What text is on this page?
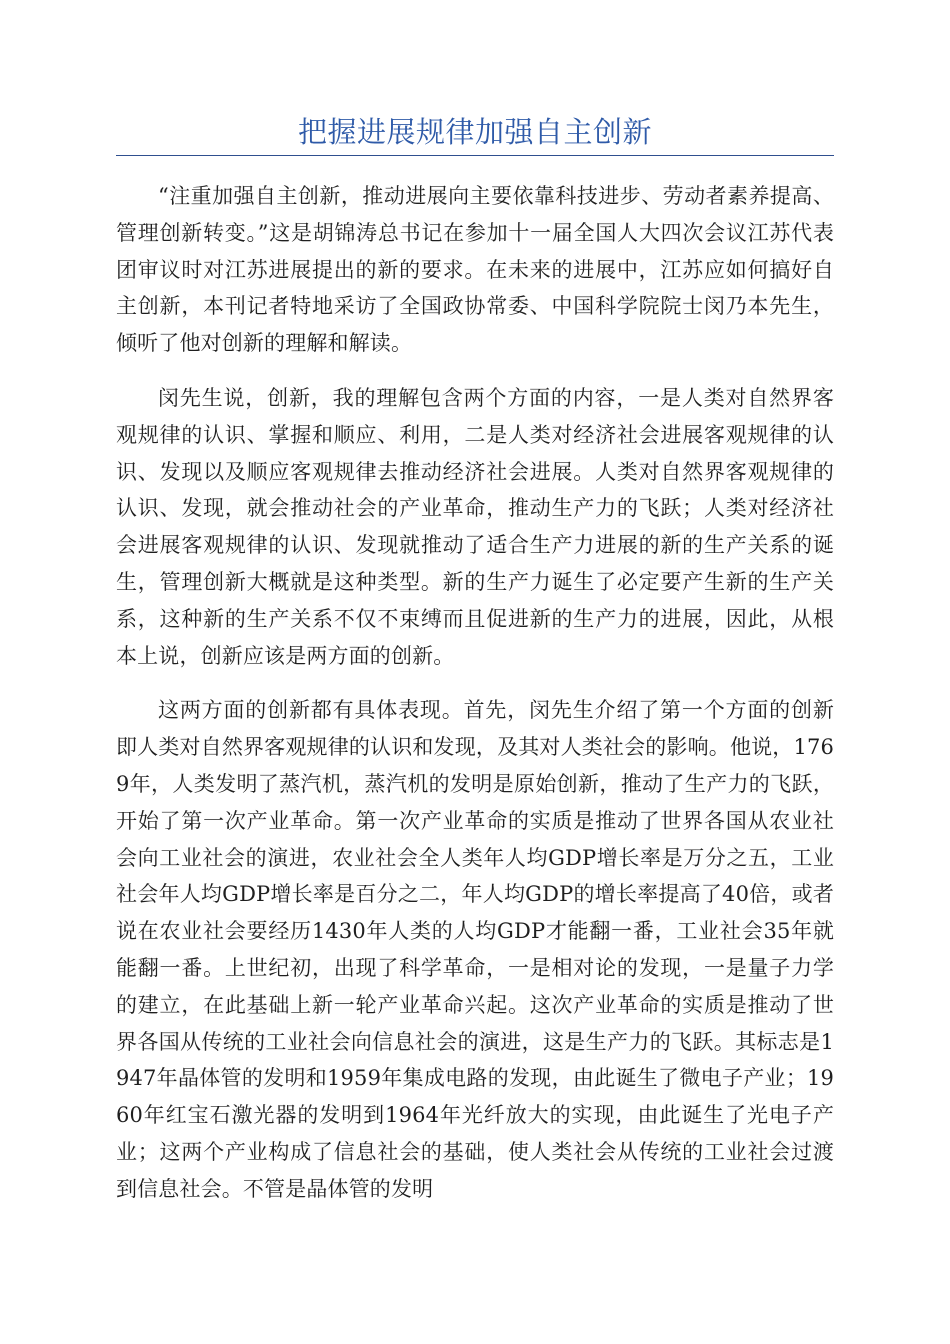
把握进展规律加强自主创新

“注重加强自主创新，推动进展向主要依靠科技进步、劳动者素养提高、管理创新转变。”这是胡锦涛总书记在参加十一届全国人大四次会议江苏代表团审议时对江苏进展提出的新的要求。在未来的进展中，江苏应如何搞好自主创新，本刊记者特地采访了全国政协常委、中国科学院院士闵乃本先生，倾听了他对创新的理解和解读。

闵先生说，创新，我的理解包含两个方面的内容，一是人类对自然界客观规律的认识、掌握和顺应、利用，二是人类对经济社会进展客观规律的认识、发现以及顺应客观规律去推动经济社会进展。人类对自然界客观规律的认识、发现，就会推动社会的产业革命，推动生产力的飞跃；人类对经济社会进展客观规律的认识、发现就推动了适合生产力进展的新的生产关系的诞生，管理创新大概就是这种类型。新的生产力诞生了必定要产生新的生产关系，这种新的生产关系不仅不束缚而且促进新的生产力的进展，因此，从根本上说，创新应该是两方面的创新。

这两方面的创新都有具体表现。首先，闵先生介绍了第一个方面的创新即人类对自然界客观规律的认识和发现，及其对人类社会的影响。他说，1769年，人类发明了蒸汽机，蒸汽机的发明是原始创新，推动了生产力的飞跃，开始了第一次产业革命。第一次产业革命的实质是推动了世界各国从农业社会向工业社会的演进，农业社会全人类年人均GDP增长率是万分之五，工业社会年人均GDP增长率是百分之二，年人均GDP的增长率提高了40倍，或者说在农业社会要经历1430年人类的人均GDP才能翻一番，工业社会35年就能翻一番。上世纪初，出现了科学革命，一是相对论的发现，一是量子力学的建立，在此基础上新一轮产业革命兴起。这次产业革命的实质是推动了世界各国从传统的工业社会向信息社会的演进，这是生产力的飞跃。其标志是1947年晶体管的发明和1959年集成电路的发现，由此诞生了微电子产业；1960年红宝石激光器的发明到1964年光纤放大的实现，由此诞生了光电子产业；这两个产业构成了信息社会的基础，使人类社会从传统的工业社会过渡到信息社会。不管是晶体管的发明
